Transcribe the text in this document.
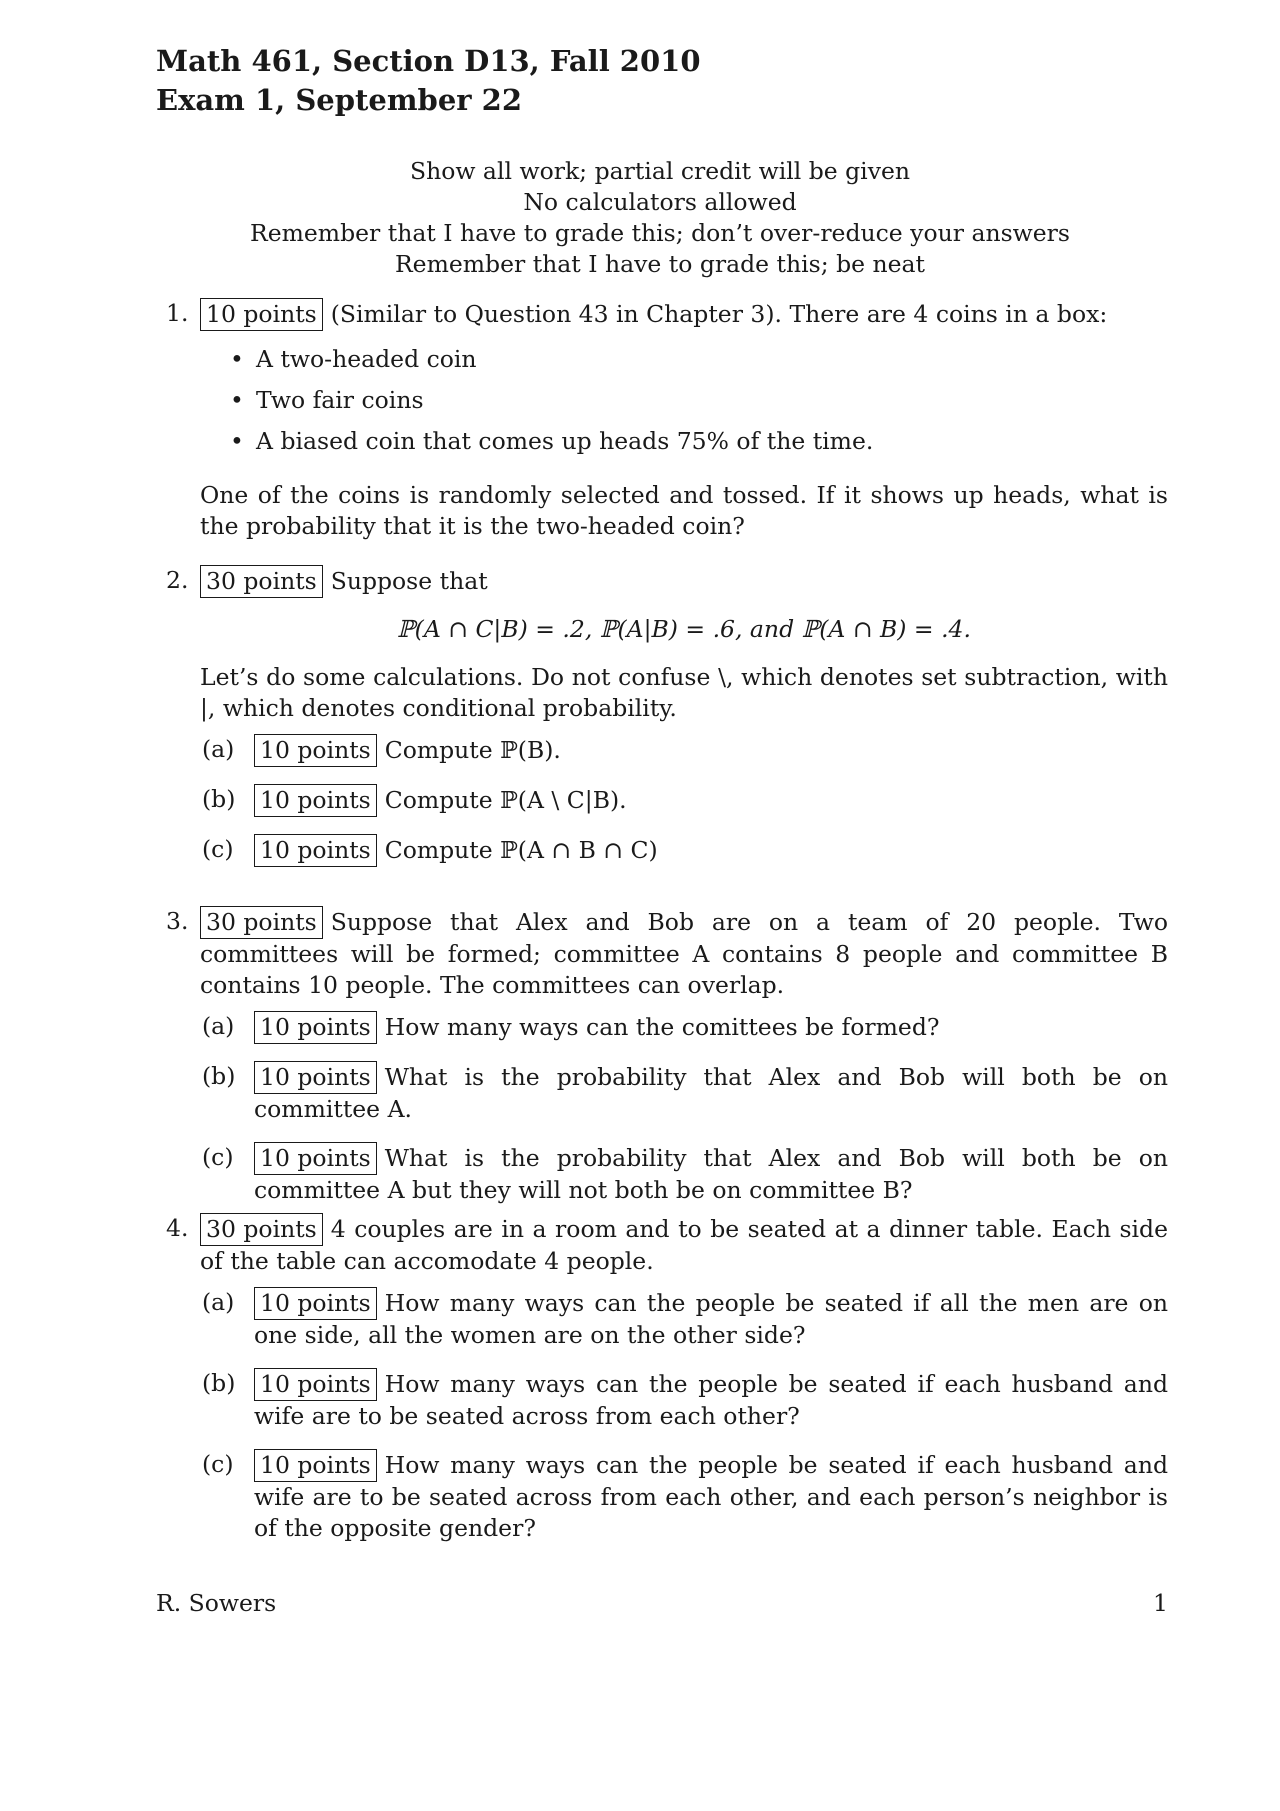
Math 461, Section D13, Fall 2010
Exam 1, September 22
Show all work; partial credit will be given
No calculators allowed
Remember that I have to grade this; don’t over-reduce your answers
Remember that I have to grade this; be neat
1. 10 points (Similar to Question 43 in Chapter 3). There are 4 coins in a box:
• A two-headed coin
• Two fair coins
• A biased coin that comes up heads 75% of the time.
One of the coins is randomly selected and tossed. If it shows up heads, what is the probability that it is the two-headed coin?
2. 30 points Suppose that
ℙ(A ∩ C|B) = .2, ℙ(A|B) = .6, and ℙ(A ∩ B) = .4.
Let’s do some calculations. Do not confuse \, which denotes set subtraction, with |, which denotes conditional probability.
(a) 10 points Compute ℙ(B).
(b) 10 points Compute ℙ(A \ C|B).
(c) 10 points Compute ℙ(A ∩ B ∩ C)
3. 30 points Suppose that Alex and Bob are on a team of 20 people. Two committees will be formed; committee A contains 8 people and committee B contains 10 people. The committees can overlap.
(a) 10 points How many ways can the comittees be formed?
(b) 10 points What is the probability that Alex and Bob will both be on committee A.
(c) 10 points What is the probability that Alex and Bob will both be on committee A but they will not both be on committee B?
4. 30 points 4 couples are in a room and to be seated at a dinner table. Each side of the table can accomodate 4 people.
(a) 10 points How many ways can the people be seated if all the men are on one side, all the women are on the other side?
(b) 10 points How many ways can the people be seated if each husband and wife are to be seated across from each other?
(c) 10 points How many ways can the people be seated if each husband and wife are to be seated across from each other, and each person’s neighbor is of the opposite gender?
R. Sowers	1
